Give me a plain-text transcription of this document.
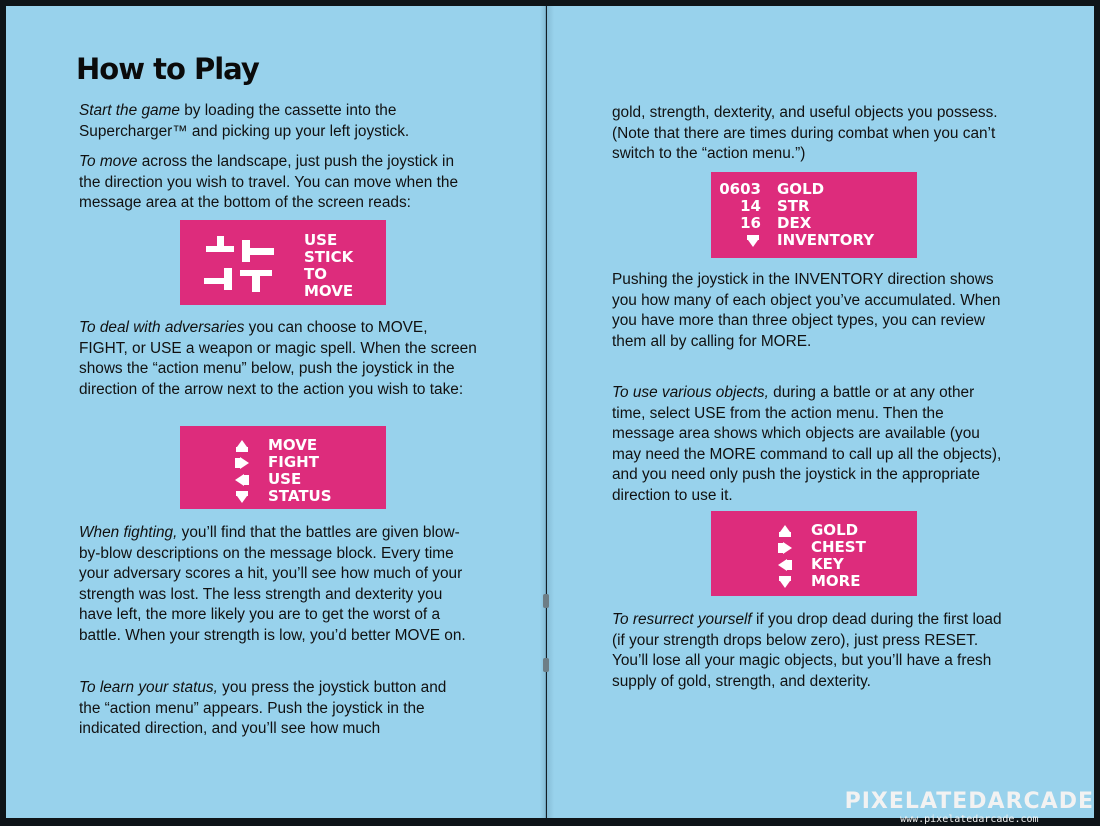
How to Play

Start the game by loading the cassette into the Supercharger™ and picking up your left joystick.

To move across the landscape, just push the joystick in the direction you wish to travel. You can move when the message area at the bottom of the screen reads:

USE
STICK
TO
MOVE

To deal with adversaries you can choose to MOVE, FIGHT, or USE a weapon or magic spell. When the screen shows the “action menu” below, push the joystick in the direction of the arrow next to the action you wish to take:

MOVE
FIGHT
USE
STATUS

When fighting, you’ll find that the battles are given blow-by-blow descriptions on the message block. Every time your adversary scores a hit, you’ll see how much of your strength was lost. The less strength and dexterity you have left, the more likely you are to get the worst of a battle. When your strength is low, you’d better MOVE on.

To learn your status, you press the joystick button and the “action menu” appears. Push the joystick in the indicated direction, and you’ll see how much

gold, strength, dexterity, and useful objects you possess. (Note that there are times during combat when you can’t switch to the “action menu.”)

0603	GOLD
14	STR
16	DEX
INVENTORY

Pushing the joystick in the INVENTORY direction shows you how many of each object you’ve accumulated. When you have more than three object types, you can review them all by calling for MORE.

To use various objects, during a battle or at any other time, select USE from the action menu. Then the message area shows which objects are available (you may need the MORE command to call up all the objects), and you need only push the joystick in the appropriate direction to use it.

GOLD
CHEST
KEY
MORE

To resurrect yourself if you drop dead during the first load (if your strength drops below zero), just press RESET. You’ll lose all your magic objects, but you’ll have a fresh supply of gold, strength, and dexterity.

PIXELATEDARCADE
www.pixelatedarcade.com
